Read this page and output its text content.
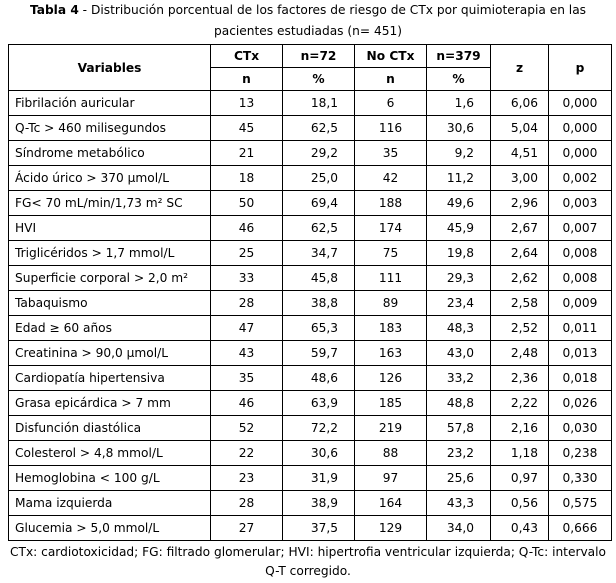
Tabla 4 - Distribución porcentual de los factores de riesgo de CTx por quimioterapia en las pacientes estudiadas (n= 451)
Variables	CTx	n=72	No CTx	n=379	z	p
	n	%	n	%		
Fibrilación auricular	13	18,1	6	1,6	6,06	0,000
Q-Tc > 460 milisegundos	45	62,5	116	30,6	5,04	0,000
Síndrome metabólico	21	29,2	35	9,2	4,51	0,000
Ácido úrico > 370 μmol/L	18	25,0	42	11,2	3,00	0,002
FG< 70 mL/min/1,73 m² SC	50	69,4	188	49,6	2,96	0,003
HVI	46	62,5	174	45,9	2,67	0,007
Triglicéridos > 1,7 mmol/L	25	34,7	75	19,8	2,64	0,008
Superficie corporal > 2,0 m²	33	45,8	111	29,3	2,62	0,008
Tabaquismo	28	38,8	89	23,4	2,58	0,009
Edad ≥ 60 años	47	65,3	183	48,3	2,52	0,011
Creatinina > 90,0 μmol/L	43	59,7	163	43,0	2,48	0,013
Cardiopatía hipertensiva	35	48,6	126	33,2	2,36	0,018
Grasa epicárdica > 7 mm	46	63,9	185	48,8	2,22	0,026
Disfunción diastólica	52	72,2	219	57,8	2,16	0,030
Colesterol > 4,8 mmol/L	22	30,6	88	23,2	1,18	0,238
Hemoglobina < 100 g/L	23	31,9	97	25,6	0,97	0,330
Mama izquierda	28	38,9	164	43,3	0,56	0,575
Glucemia > 5,0 mmol/L	27	37,5	129	34,0	0,43	0,666
CTx: cardiotoxicidad; FG: filtrado glomerular; HVI: hipertrofia ventricular izquierda; Q-Tc: intervalo Q-T corregido.
